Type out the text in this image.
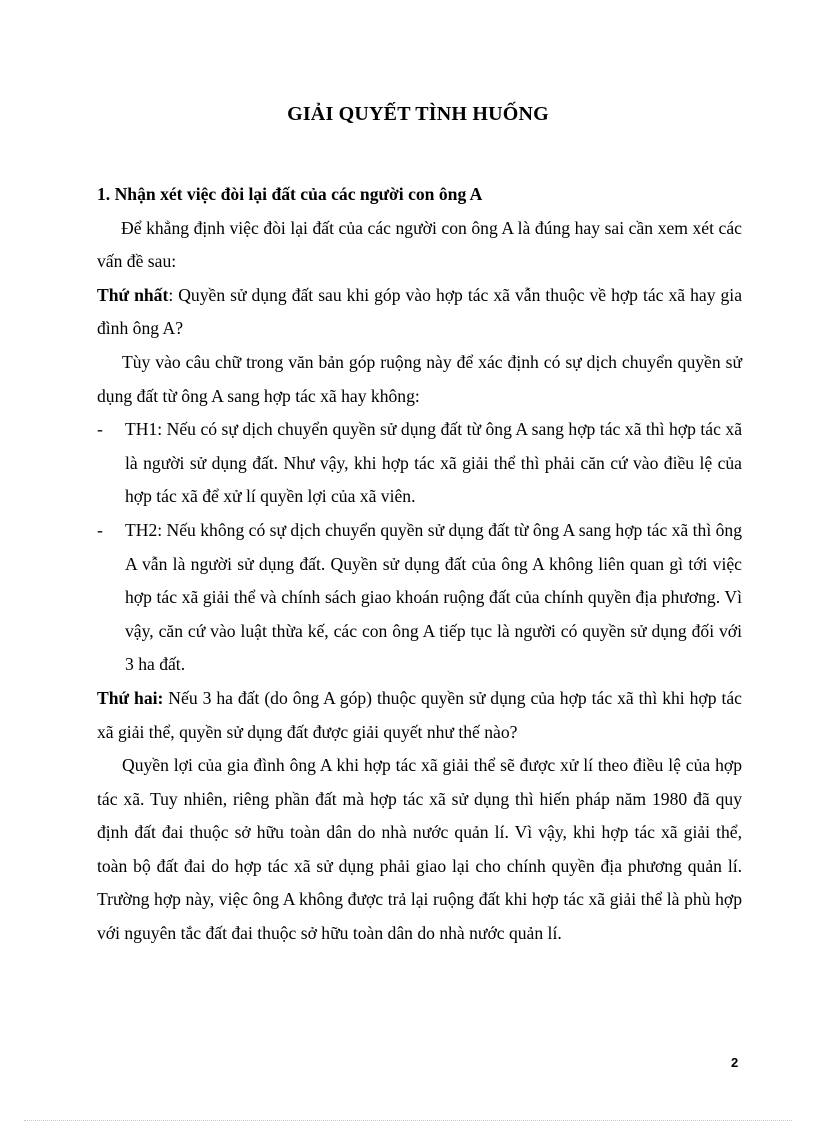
GIẢI QUYẾT TÌNH HUỐNG

1. Nhận xét việc đòi lại đất của các người con ông A

Để khẳng định việc đòi lại đất của các người con ông A là đúng hay sai cần xem xét các vấn đề sau:

Thứ nhất: Quyền sử dụng đất sau khi góp vào hợp tác xã vẫn thuộc về hợp tác xã hay gia đình ông A?

Tùy vào câu chữ trong văn bản góp ruộng này để xác định có sự dịch chuyển quyền sử dụng đất từ ông A sang hợp tác xã hay không:

-	TH1: Nếu có sự dịch chuyển quyền sử dụng đất từ ông A sang hợp tác xã thì hợp tác xã là người sử dụng đất. Như vậy, khi hợp tác xã giải thể thì phải căn cứ vào điều lệ của hợp tác xã để xử lí quyền lợi của xã viên.
-	TH2: Nếu không có sự dịch chuyển quyền sử dụng đất từ ông A sang hợp tác xã thì ông A vẫn là người sử dụng đất. Quyền sử dụng đất của ông A không liên quan gì tới việc hợp tác xã giải thể và chính sách giao khoán ruộng đất của chính quyền địa phương. Vì vậy, căn cứ vào luật thừa kế, các con ông A tiếp tục là người có quyền sử dụng đối với 3 ha đất.

Thứ hai: Nếu 3 ha đất (do ông A góp) thuộc quyền sử dụng của hợp tác xã thì khi hợp tác xã giải thể, quyền sử dụng đất được giải quyết như thế nào?

Quyền lợi của gia đình ông A khi hợp tác xã giải thể sẽ được xử lí theo điều lệ của hợp tác xã. Tuy nhiên, riêng phần đất mà hợp tác xã sử dụng thì hiến pháp năm 1980 đã quy định đất đai thuộc sở hữu toàn dân do nhà nước quản lí. Vì vậy, khi hợp tác xã giải thể, toàn bộ đất đai do hợp tác xã sử dụng phải giao lại cho chính quyền địa phương quản lí. Trường hợp này, việc ông A không được trả lại ruộng đất khi hợp tác xã giải thể là phù hợp với nguyên tắc đất đai thuộc sở hữu toàn dân do nhà nước quản lí.

2
